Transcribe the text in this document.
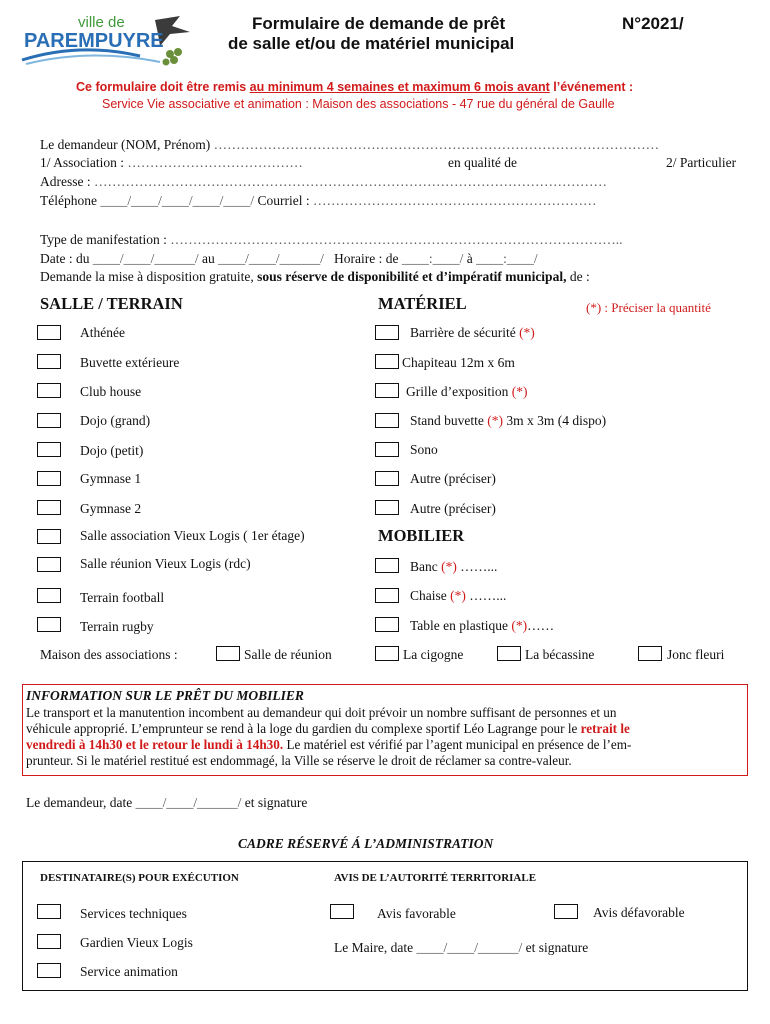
ville de
PAREMPUYRE
Formulaire de demande de prêt
de salle et/ou de matériel municipal
N°2021/
Ce formulaire doit être remis au minimum 4 semaines et maximum 6 mois avant l’événement :
Service Vie associative et animation : Maison des associations - 47 rue du général de Gaulle
Le demandeur (NOM, Prénom) ………………………………………………………………………………………
1/ Association : …………………………………	en qualité de	2/ Particulier
Adresse : ……………………………………………………………………………………………………
Téléphone ____/____/____/____/____/ Courriel : ………………………………………………………
Type de manifestation : ………………………………………………………………………………………..
Date : du ____/____/______/ au ____/____/______/ Horaire : de ____:____/ à ____:____/
Demande la mise à disposition gratuite, sous réserve de disponibilité et d’impératif municipal, de :
SALLE / TERRAIN	MATÉRIEL	(*) : Préciser la quantité
Athénée
Buvette extérieure
Club house
Dojo (grand)
Dojo (petit)
Gymnase 1
Gymnase 2
Salle association Vieux Logis ( 1er étage)
Salle réunion Vieux Logis (rdc)
Terrain football
Terrain rugby
Barrière de sécurité (*)
Chapiteau 12m x 6m
Grille d’exposition (*)
Stand buvette (*) 3m x 3m (4 dispo)
Sono
Autre (préciser)
Autre (préciser)
MOBILIER
Banc (*) ……...
Chaise (*) ……...
Table en plastique (*)……
Maison des associations :	Salle de réunion	La cigogne	La bécassine	Jonc fleuri
INFORMATION SUR LE PRÊT DU MOBILIER
Le transport et la manutention incombent au demandeur qui doit prévoir un nombre suffisant de personnes et un
véhicule approprié. L’emprunteur se rend à la loge du gardien du complexe sportif Léo Lagrange pour le retrait le
vendredi à 14h30 et le retour le lundi à 14h30. Le matériel est vérifié par l’agent municipal en présence de l’em-
prunteur. Si le matériel restitué est endommagé, la Ville se réserve le droit de réclamer sa contre-valeur.
Le demandeur, date ____/____/______/ et signature
CADRE RÉSERVÉ Á L’ADMINISTRATION
DESTINATAIRE(S) POUR EXÉCUTION	AVIS DE L’AUTORITÉ TERRITORIALE
Services techniques
Gardien Vieux Logis
Service animation
Avis favorable	Avis défavorable
Le Maire, date ____/____/______/ et signature
